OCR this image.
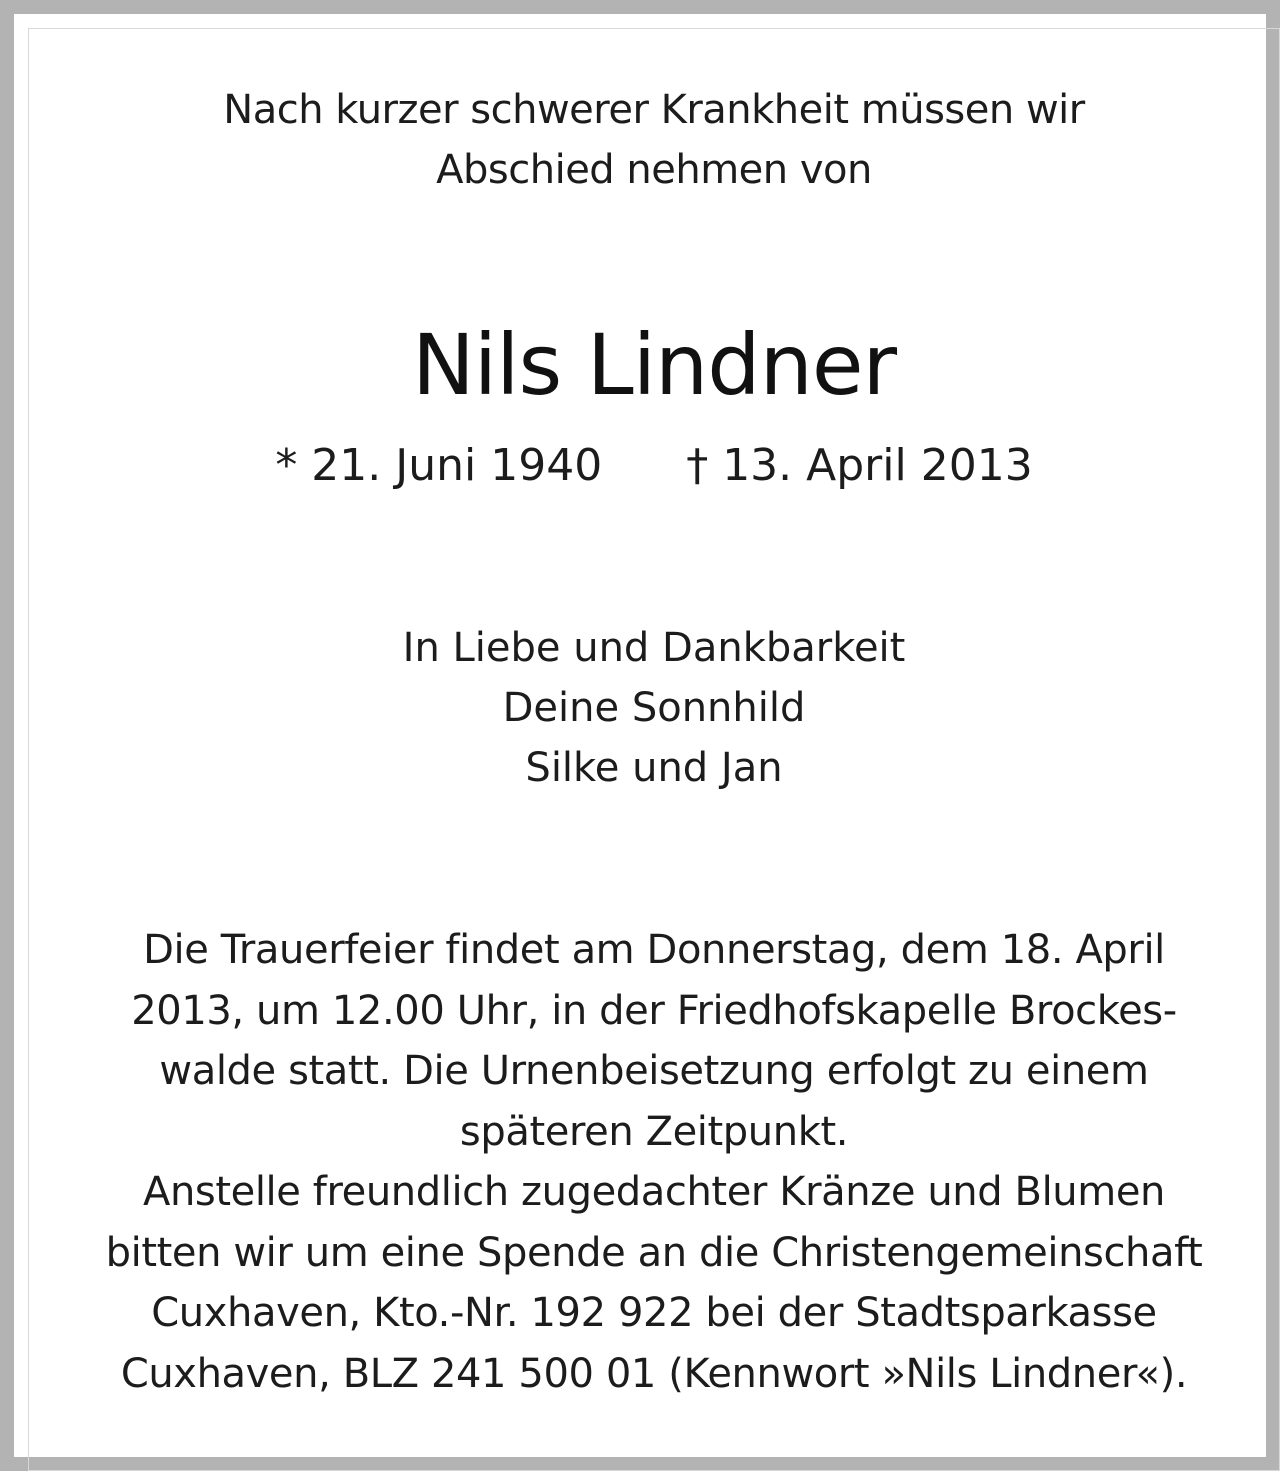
Nach kurzer schwerer Krankheit müssen wir
Abschied nehmen von

Nils Lindner

* 21. Juni 1940 † 13. April 2013

In Liebe und Dankbarkeit
Deine Sonnhild
Silke und Jan

Die Trauerfeier findet am Donnerstag, dem 18. April
2013, um 12.00 Uhr, in der Friedhofskapelle Brockes-
walde statt. Die Urnenbeisetzung erfolgt zu einem
späteren Zeitpunkt.
Anstelle freundlich zugedachter Kränze und Blumen
bitten wir um eine Spende an die Christengemeinschaft
Cuxhaven, Kto.-Nr. 192 922 bei der Stadtsparkasse
Cuxhaven, BLZ 241 500 01 (Kennwort »Nils Lindner«).
